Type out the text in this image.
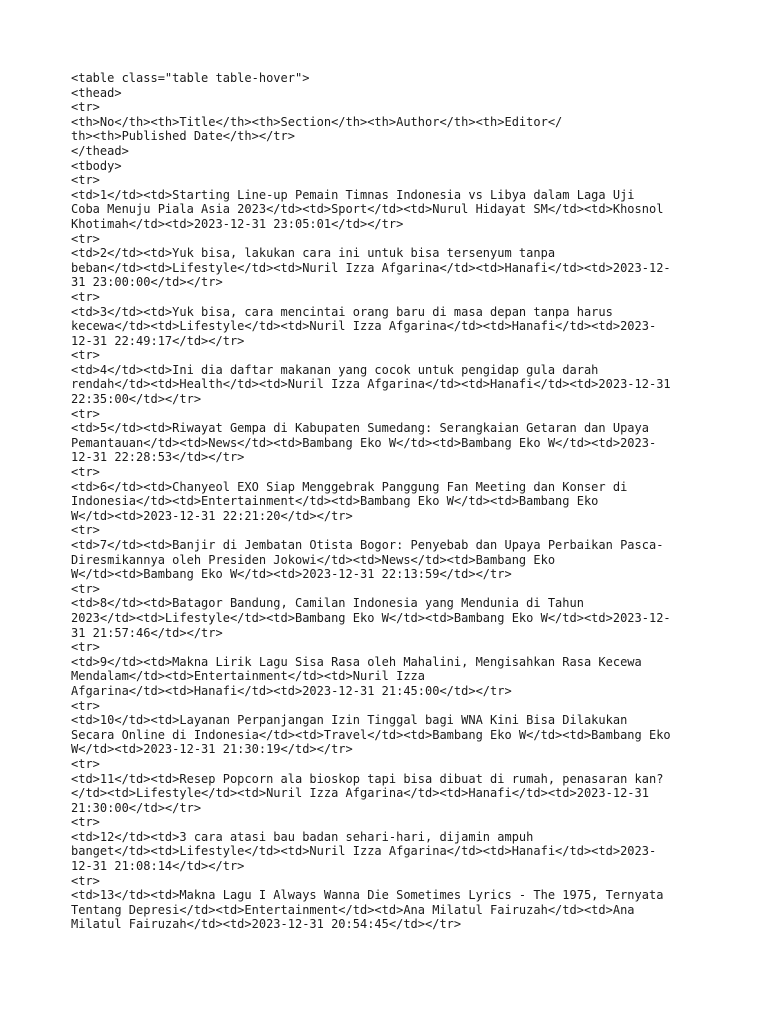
<table class="table table-hover">
<thead>
<tr>
<th>No</th><th>Title</th><th>Section</th><th>Author</th><th>Editor</
th><th>Published Date</th></tr>
</thead>
<tbody>
<tr>
<td>1</td><td>Starting Line-up Pemain Timnas Indonesia vs Libya dalam Laga Uji
Coba Menuju Piala Asia 2023</td><td>Sport</td><td>Nurul Hidayat SM</td><td>Khosnol
Khotimah</td><td>2023-12-31 23:05:01</td></tr>
<tr>
<td>2</td><td>Yuk bisa, lakukan cara ini untuk bisa tersenyum tanpa
beban</td><td>Lifestyle</td><td>Nuril Izza Afgarina</td><td>Hanafi</td><td>2023-12-
31 23:00:00</td></tr>
<tr>
<td>3</td><td>Yuk bisa, cara mencintai orang baru di masa depan tanpa harus
kecewa</td><td>Lifestyle</td><td>Nuril Izza Afgarina</td><td>Hanafi</td><td>2023-
12-31 22:49:17</td></tr>
<tr>
<td>4</td><td>Ini dia daftar makanan yang cocok untuk pengidap gula darah
rendah</td><td>Health</td><td>Nuril Izza Afgarina</td><td>Hanafi</td><td>2023-12-31
22:35:00</td></tr>
<tr>
<td>5</td><td>Riwayat Gempa di Kabupaten Sumedang: Serangkaian Getaran dan Upaya
Pemantauan</td><td>News</td><td>Bambang Eko W</td><td>Bambang Eko W</td><td>2023-
12-31 22:28:53</td></tr>
<tr>
<td>6</td><td>Chanyeol EXO Siap Menggebrak Panggung Fan Meeting dan Konser di
Indonesia</td><td>Entertainment</td><td>Bambang Eko W</td><td>Bambang Eko
W</td><td>2023-12-31 22:21:20</td></tr>
<tr>
<td>7</td><td>Banjir di Jembatan Otista Bogor: Penyebab dan Upaya Perbaikan Pasca-
Diresmikannya oleh Presiden Jokowi</td><td>News</td><td>Bambang Eko
W</td><td>Bambang Eko W</td><td>2023-12-31 22:13:59</td></tr>
<tr>
<td>8</td><td>Batagor Bandung, Camilan Indonesia yang Mendunia di Tahun
2023</td><td>Lifestyle</td><td>Bambang Eko W</td><td>Bambang Eko W</td><td>2023-12-
31 21:57:46</td></tr>
<tr>
<td>9</td><td>Makna Lirik Lagu Sisa Rasa oleh Mahalini, Mengisahkan Rasa Kecewa
Mendalam</td><td>Entertainment</td><td>Nuril Izza
Afgarina</td><td>Hanafi</td><td>2023-12-31 21:45:00</td></tr>
<tr>
<td>10</td><td>Layanan Perpanjangan Izin Tinggal bagi WNA Kini Bisa Dilakukan
Secara Online di Indonesia</td><td>Travel</td><td>Bambang Eko W</td><td>Bambang Eko
W</td><td>2023-12-31 21:30:19</td></tr>
<tr>
<td>11</td><td>Resep Popcorn ala bioskop tapi bisa dibuat di rumah, penasaran kan?
</td><td>Lifestyle</td><td>Nuril Izza Afgarina</td><td>Hanafi</td><td>2023-12-31
21:30:00</td></tr>
<tr>
<td>12</td><td>3 cara atasi bau badan sehari-hari, dijamin ampuh
banget</td><td>Lifestyle</td><td>Nuril Izza Afgarina</td><td>Hanafi</td><td>2023-
12-31 21:08:14</td></tr>
<tr>
<td>13</td><td>Makna Lagu I Always Wanna Die Sometimes Lyrics - The 1975, Ternyata
Tentang Depresi</td><td>Entertainment</td><td>Ana Milatul Fairuzah</td><td>Ana
Milatul Fairuzah</td><td>2023-12-31 20:54:45</td></tr>
